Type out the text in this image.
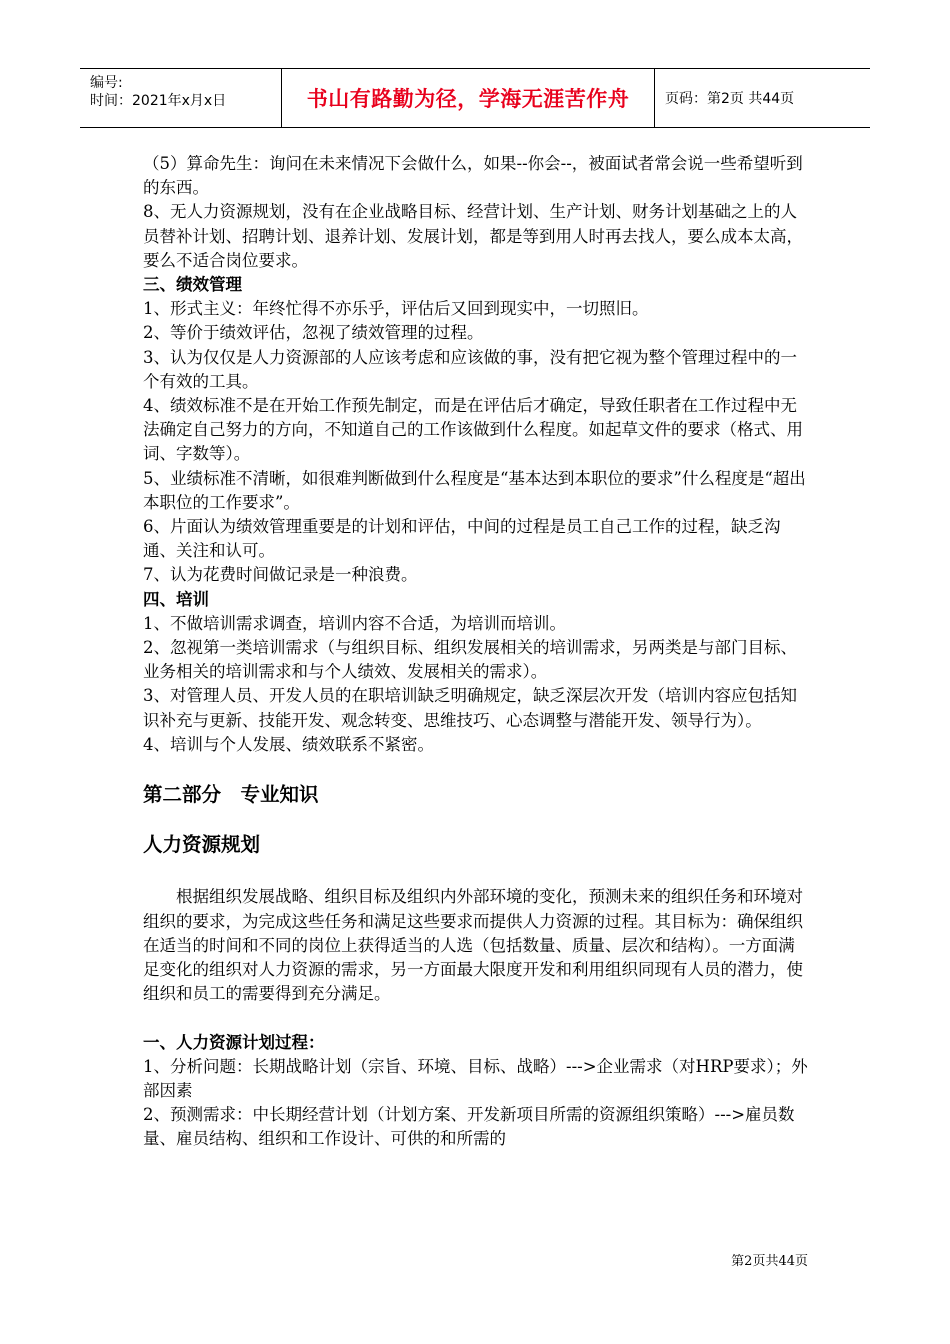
编号:
时间：2021年x月x日	书山有路勤为径，学海无涯苦作舟	页码：第2页 共44页

（5）算命先生：询问在未来情况下会做什么，如果--你会--，被面试者常会说一些希望听到的东西。

8、无人力资源规划，没有在企业战略目标、经营计划、生产计划、财务计划基础之上的人员替补计划、招聘计划、退养计划、发展计划，都是等到用人时再去找人，要么成本太高，要么不适合岗位要求。

三、绩效管理

1、形式主义：年终忙得不亦乐乎，评估后又回到现实中，一切照旧。

2、等价于绩效评估，忽视了绩效管理的过程。

3、认为仅仅是人力资源部的人应该考虑和应该做的事，没有把它视为整个管理过程中的一个有效的工具。

4、绩效标准不是在开始工作预先制定，而是在评估后才确定，导致任职者在工作过程中无法确定自己努力的方向，不知道自己的工作该做到什么程度。如起草文件的要求（格式、用词、字数等）。

5、业绩标准不清晰，如很难判断做到什么程度是“基本达到本职位的要求”什么程度是“超出本职位的工作要求”。

6、片面认为绩效管理重要是的计划和评估，中间的过程是员工自己工作的过程，缺乏沟通、关注和认可。

7、认为花费时间做记录是一种浪费。

四、培训

1、不做培训需求调查，培训内容不合适，为培训而培训。

2、忽视第一类培训需求（与组织目标、组织发展相关的培训需求，另两类是与部门目标、业务相关的培训需求和与个人绩效、发展相关的需求）。

3、对管理人员、开发人员的在职培训缺乏明确规定，缺乏深层次开发（培训内容应包括知识补充与更新、技能开发、观念转变、思维技巧、心态调整与潜能开发、领导行为）。

4、培训与个人发展、绩效联系不紧密。

第二部分　专业知识

人力资源规划

根据组织发展战略、组织目标及组织内外部环境的变化，预测未来的组织任务和环境对组织的要求，为完成这些任务和满足这些要求而提供人力资源的过程。其目标为：确保组织在适当的时间和不同的岗位上获得适当的人选（包括数量、质量、层次和结构）。一方面满足变化的组织对人力资源的需求，另一方面最大限度开发和利用组织同现有人员的潜力，使组织和员工的需要得到充分满足。

一、人力资源计划过程：

1、分析问题：长期战略计划（宗旨、环境、目标、战略）--->企业需求（对HRP要求）；外部因素

2、预测需求：中长期经营计划（计划方案、开发新项目所需的资源组织策略）--->雇员数量、雇员结构、组织和工作设计、可供的和所需的

第2页共44页
